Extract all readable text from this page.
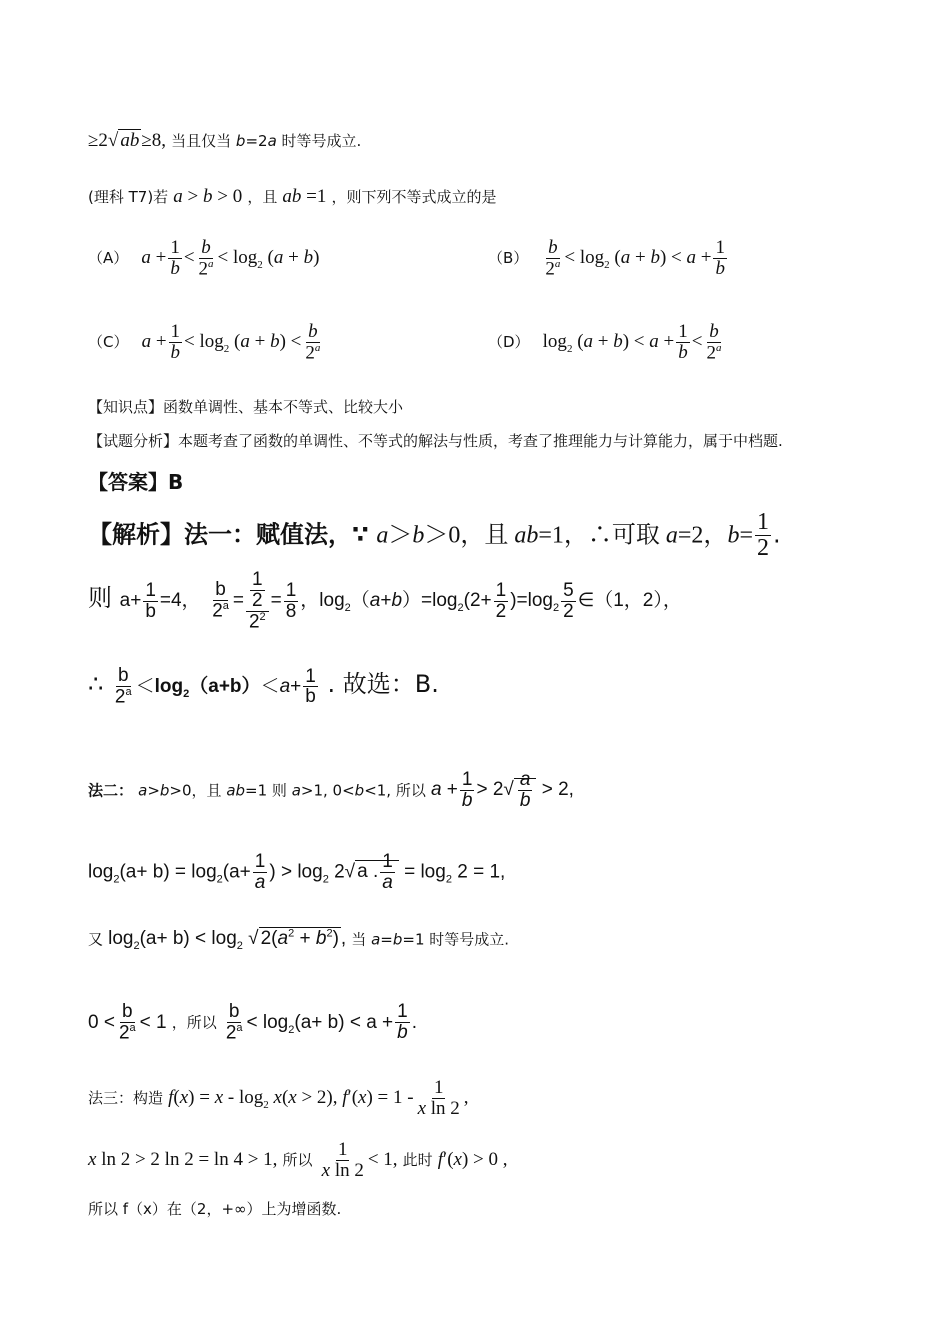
≥2√ ab ≥8, 当且仅当 b=2a 时等号成立.
(理科 T7)若 a > b > 0 ，且 ab =1 ，则下列不等式成立的是
（A） $a + \frac{1}{b} < \frac{b}{2^a} < \log_2 (a + b)$	$(B) \frac{b}{2^a} < \log_2 (a + b) < a + \frac{1}{b}$
（C） $a + \frac{1}{b} < \log_2 (a + b) < \frac{b}{2^a}$	（D） $\log_2 (a + b) < a + \frac{1}{b} < \frac{b}{2^a}$
【知识点】函数单调性、基本不等式、比较大小
【试题分析】本题考查了函数的单调性、不等式的解法与性质，考查了推理能力与计算能力，属于中档题.
【答案】B
【解析】法一：赋值法，∵ a＞b＞0，且 ab=1，∴可取 a=2，$b= \frac{1}{2}$ .
则 $a+ \frac{1}{b} =4$， $\frac{b}{2^a} = \frac{\frac{1}{2}}{2^2} = \frac{1}{8}$ ，$\log_2(a+b)=\log_2(2+ \frac{1}{2} )=\log_2 \frac{5}{2}$ ∈（1，2），
∴ $\frac{b}{2^a} <\log_2(a+b)<a+ \frac{1}{b}$ . 故选：B.
法二： a>b>0，且 ab=1 则 a>1, 0<b<1, 所以 $a + \frac{1}{b} > 2√ \frac{a}{b} > 2$,
$\log_2(a+ b) = \log_2(a+ \frac{1}{a}$ ) > $\log_2 2√$ a . $\frac{1}{a} = \log_2 2 = 1$,
又 $\log_2(a+ b) < \log_2$ √ $2(a^2 + b^2)$ , 当 a=b=1 时等号成立.
$0 < \frac{b}{2^a} < 1$ ，所以 $\frac{b}{2^a} < \log_2(a+ b) < a + \frac{1}{b}$ .
法三：构造 $f(x) = x - \log_2 x(x > 2)$, $f'(x) = 1 - \frac{1}{\text{x ln 2}}$ ,
x ln 2 > 2 ln 2 = ln 4 > 1, 所以 $\frac{1}{\text{x ln 2}} < 1$, 此时 f′(x) > 0 ,
所以 f（x）在（2，+∞）上为增函数.
